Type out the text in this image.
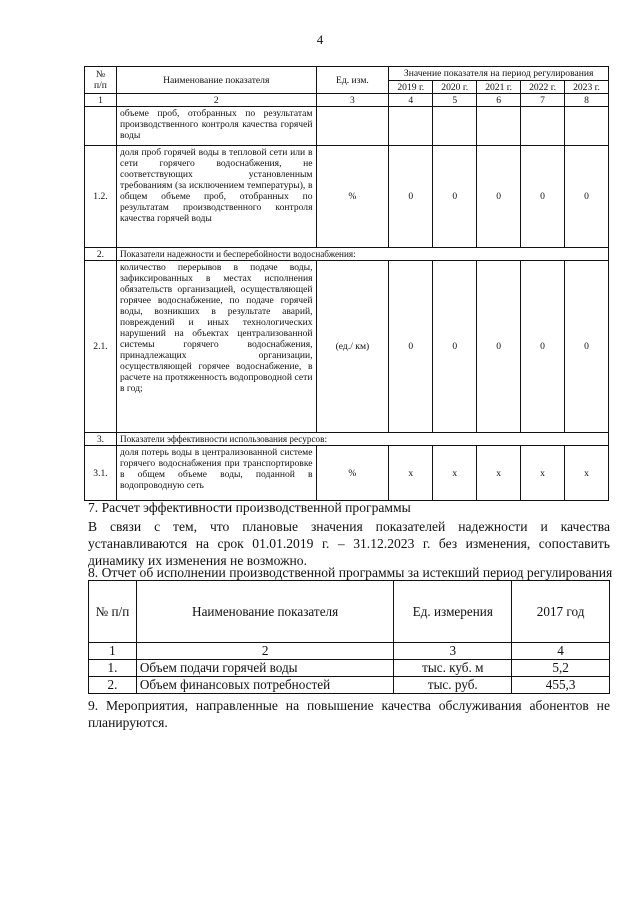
4
№
п/п	Наименование показателя	Ед. изм.	Значение показателя на период регулирования				
			2019 г.	2020 г.	2021 г.	2022 г.	2023 г.
1	2	3	4	5	6	7	8
	объеме проб, отобранных по результатам производственного контроля качества горячей воды						
1.2.	доля проб горячей воды в тепловой сети или в сети горячего водоснабжения, не соответствующих установленным требованиям (за исключением температуры), в общем объеме проб, отобранных по результатам производственного контроля качества горячей воды	%	0	0	0	0	0
2.	Показатели надежности и бесперебойности водоснабжения:						
2.1.	количество перерывов в подаче воды, зафиксированных в местах исполнения обязательств организацией, осуществляющей горячее водоснабжение, по подаче горячей воды, возникших в результате аварий, повреждений и иных технологических нарушений на объектах централизованной системы горячего водоснабжения, принадлежащих организации, осуществляющей горячее водоснабжение, в расчете на протяженность водопроводной сети в год;	(ед./ км)	0	0	0	0	0
3.	Показатели эффективности использования ресурсов:						
3.1.	доля потерь воды в централизованной системе горячего водоснабжения при транспортировке в общем объеме воды, поданной в водопроводную сеть	%	x	x	x	x	x
7. Расчет эффективности производственной программы
В связи с тем, что плановые значения показателей надежности и качества устанавливаются на срок 01.01.2019 г. – 31.12.2023 г. без изменения, сопоставить динамику их изменения не возможно.
8. Отчет об исполнении производственной программы за истекший период регулирования
№ п/п	Наименование показателя	Ед. измерения	2017 год
1	2	3	4
1.	Объем подачи горячей воды	тыс. куб. м	5,2
2.	Объем финансовых потребностей	тыс. руб.	455,3
9. Мероприятия, направленные на повышение качества обслуживания абонентов не планируются.
